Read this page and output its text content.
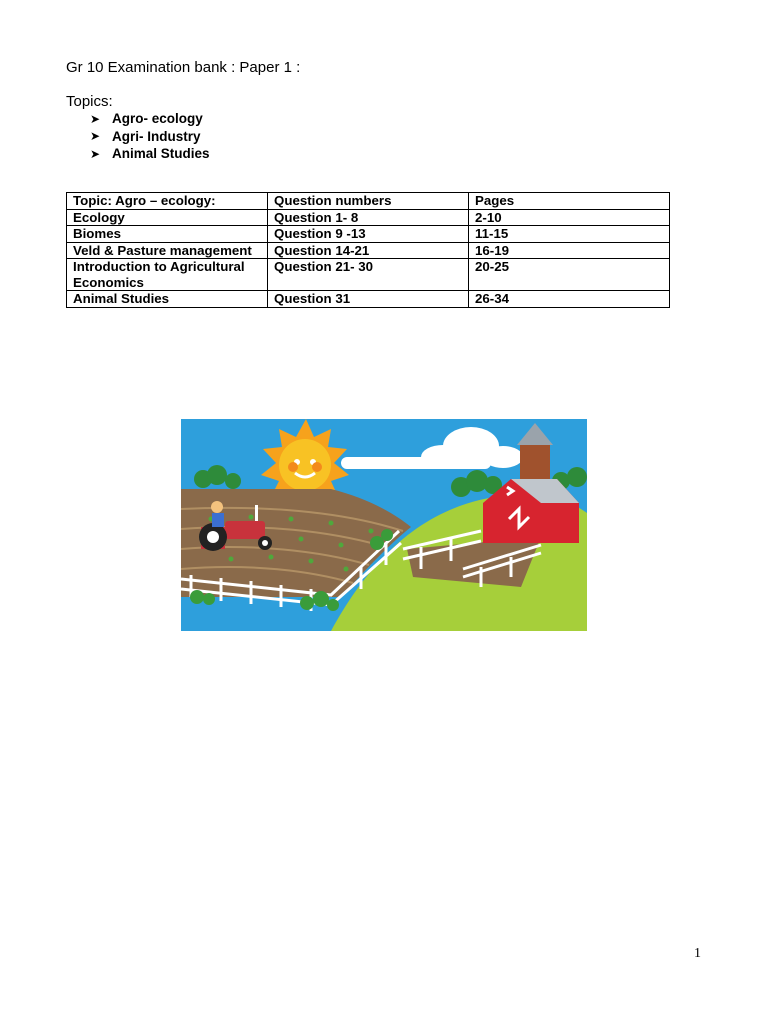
Gr 10 Examination bank : Paper 1 :
Topics:
➤ Agro- ecology
➤ Agri- Industry
➤ Animal Studies
Topic: Agro – ecology:	Question numbers	Pages
Ecology	Question 1- 8	2-10
Biomes	Question 9 -13	11-15
Veld & Pasture management	Question 14-21	16-19
Introduction to Agricultural Economics	Question 21- 30	20-25
Animal Studies	Question 31	26-34
1
